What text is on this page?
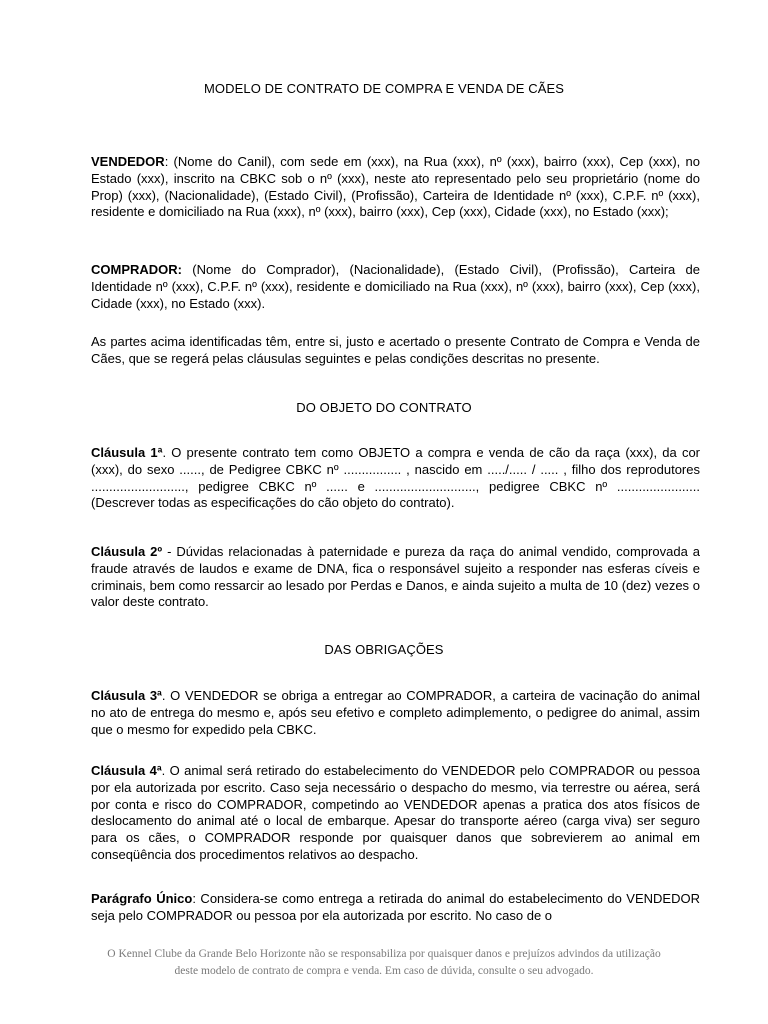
MODELO DE CONTRATO DE COMPRA E VENDA DE CÃES
VENDEDOR: (Nome do Canil), com sede em (xxx), na Rua (xxx), nº (xxx), bairro (xxx), Cep (xxx), no Estado (xxx), inscrito na CBKC sob o nº (xxx), neste ato representado pelo seu proprietário (nome do Prop) (xxx), (Nacionalidade), (Estado Civil), (Profissão), Carteira de Identidade nº (xxx), C.P.F. nº (xxx), residente e domiciliado na Rua (xxx), nº (xxx), bairro (xxx), Cep (xxx), Cidade (xxx), no Estado (xxx);
COMPRADOR: (Nome do Comprador), (Nacionalidade), (Estado Civil), (Profissão), Carteira de Identidade nº (xxx), C.P.F. nº (xxx), residente e domiciliado na Rua (xxx), nº (xxx), bairro (xxx), Cep (xxx), Cidade (xxx), no Estado (xxx).
As partes acima identificadas têm, entre si, justo e acertado o presente Contrato de Compra e Venda de Cães, que se regerá pelas cláusulas seguintes e pelas condições descritas no presente.
DO OBJETO DO CONTRATO
Cláusula 1ª. O presente contrato tem como OBJETO a compra e venda de cão da raça (xxx), da cor (xxx), do sexo ......, de Pedigree CBKC nº ................ , nascido em ...../..... / ..... , filho dos reprodutores .........................., pedigree CBKC nº ...... e ............................, pedigree CBKC nº ....................... (Descrever todas as especificações do cão objeto do contrato).
Cláusula 2º - Dúvidas relacionadas à paternidade e pureza da raça do animal vendido, comprovada a fraude através de laudos e exame de DNA, fica o responsável sujeito a responder nas esferas cíveis e criminais, bem como ressarcir ao lesado por Perdas e Danos, e ainda sujeito a multa de 10 (dez) vezes o valor deste contrato.
DAS OBRIGAÇÕES
Cláusula 3ª. O VENDEDOR se obriga a entregar ao COMPRADOR, a carteira de vacinação do animal no ato de entrega do mesmo e, após seu efetivo e completo adimplemento, o pedigree do animal, assim que o mesmo for expedido pela CBKC.
Cláusula 4ª. O animal será retirado do estabelecimento do VENDEDOR pelo COMPRADOR ou pessoa por ela autorizada por escrito. Caso seja necessário o despacho do mesmo, via terrestre ou aérea, será por conta e risco do COMPRADOR, competindo ao VENDEDOR apenas a pratica dos atos físicos de deslocamento do animal até o local de embarque. Apesar do transporte aéreo (carga viva) ser seguro para os cães, o COMPRADOR responde por quaisquer danos que sobrevierem ao animal em conseqüência dos procedimentos relativos ao despacho.
Parágrafo Único: Considera-se como entrega a retirada do animal do estabelecimento do VENDEDOR seja pelo COMPRADOR ou pessoa por ela autorizada por escrito. No caso de o
O Kennel Clube da Grande Belo Horizonte não se responsabiliza por quaisquer danos e prejuízos advindos da utilização
deste modelo de contrato de compra e venda. Em caso de dúvida, consulte o seu advogado.
